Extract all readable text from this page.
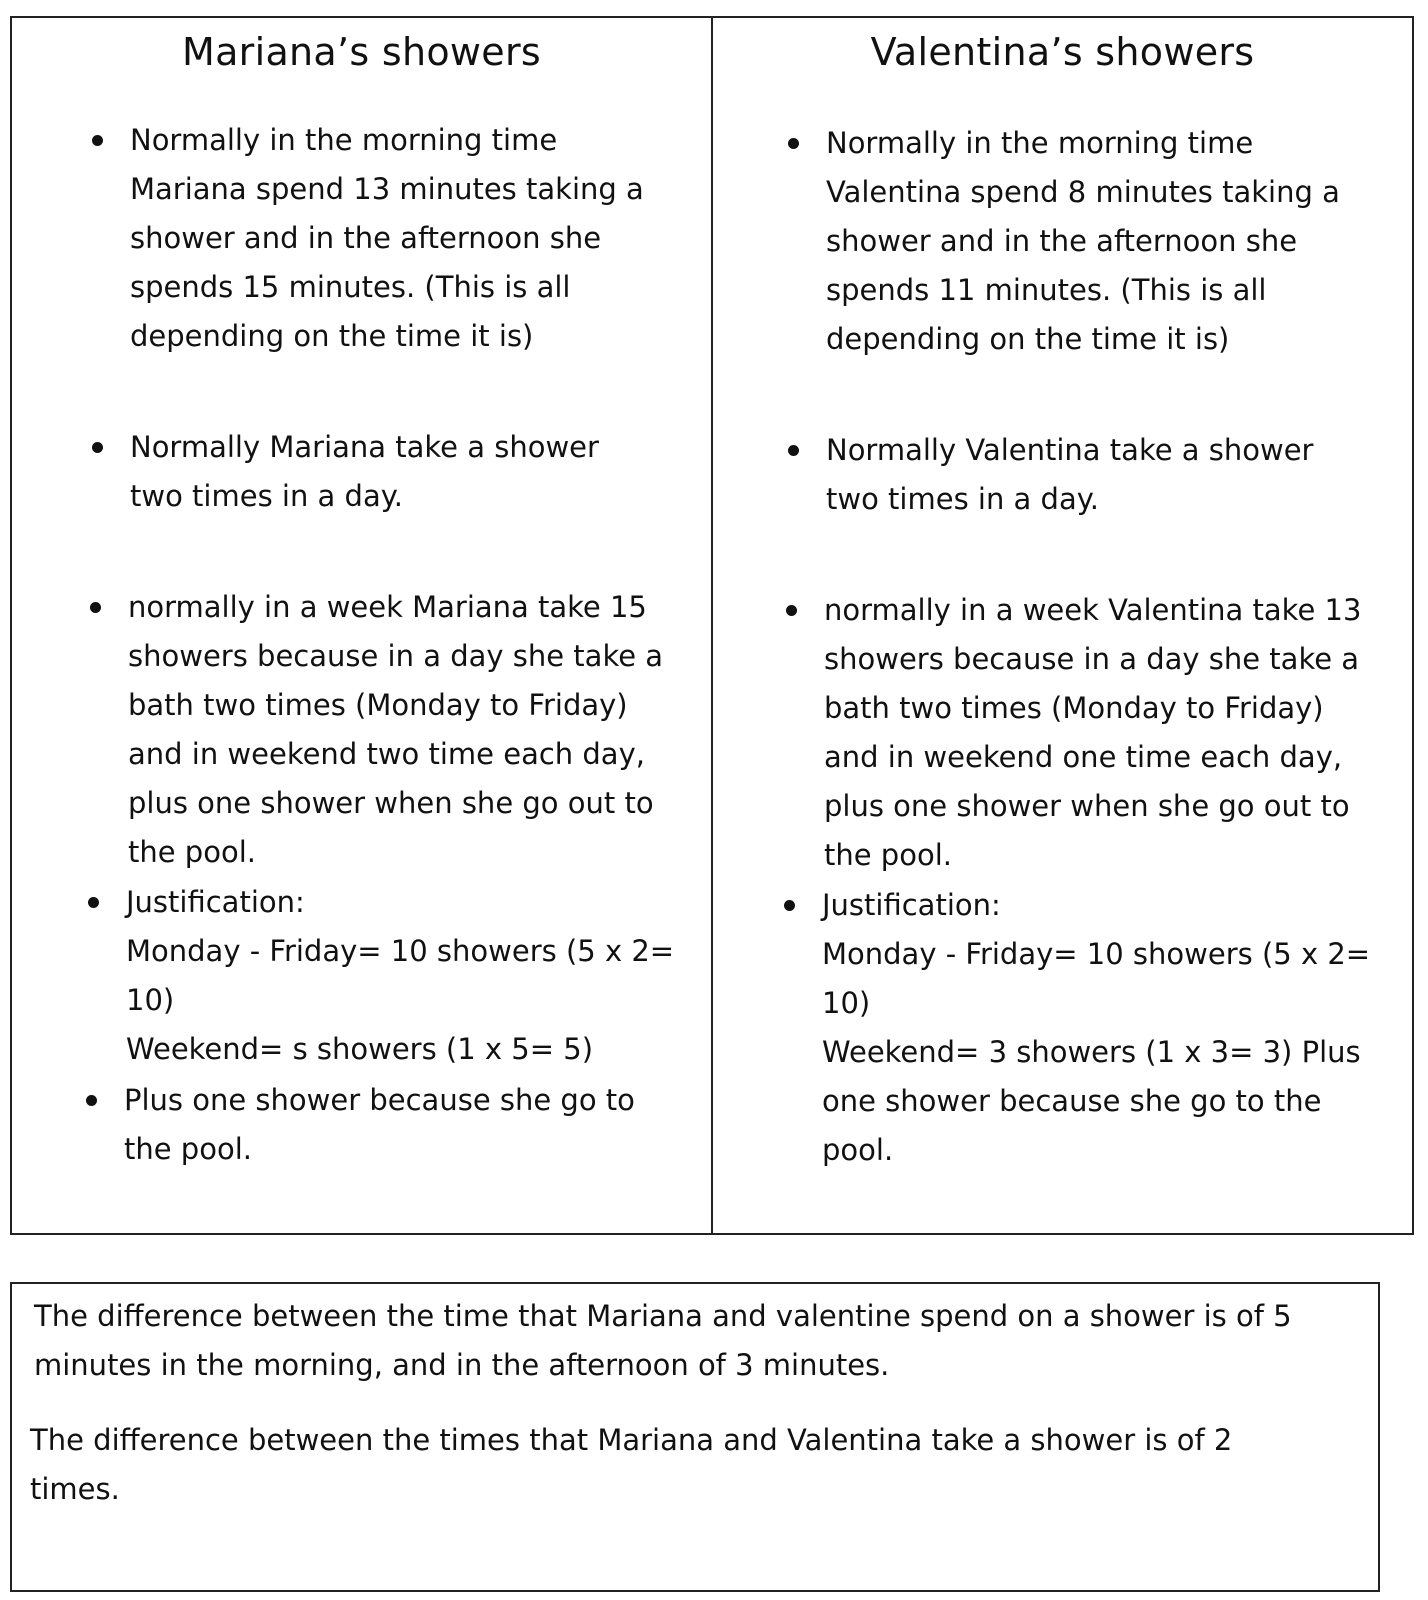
Mariana’s showers
Normally in the morning time
Mariana spend 13 minutes taking a
shower and in the afternoon she
spends 15 minutes. (This is all
depending on the time it is)
Normally Mariana take a shower
two times in a day.
normally in a week Mariana take 15
showers because in a day she take a
bath two times (Monday to Friday)
and in weekend two time each day,
plus one shower when she go out to
the pool.
Justification:
Monday - Friday= 10 showers (5 x 2=
10)
Weekend= s showers (1 x 5= 5)
Plus one shower because she go to
the pool.
Valentina’s showers
Normally in the morning time
Valentina spend 8 minutes taking a
shower and in the afternoon she
spends 11 minutes. (This is all
depending on the time it is)
Normally Valentina take a shower
two times in a day.
normally in a week Valentina take 13
showers because in a day she take a
bath two times (Monday to Friday)
and in weekend one time each day,
plus one shower when she go out to
the pool.
Justification:
Monday - Friday= 10 showers (5 x 2=
10)
Weekend= 3 showers (1 x 3= 3) Plus
one shower because she go to the
pool.

The difference between the time that Mariana and valentine spend on a shower is of 5
minutes in the morning, and in the afternoon of 3 minutes.

The difference between the times that Mariana and Valentina take a shower is of 2
times.
